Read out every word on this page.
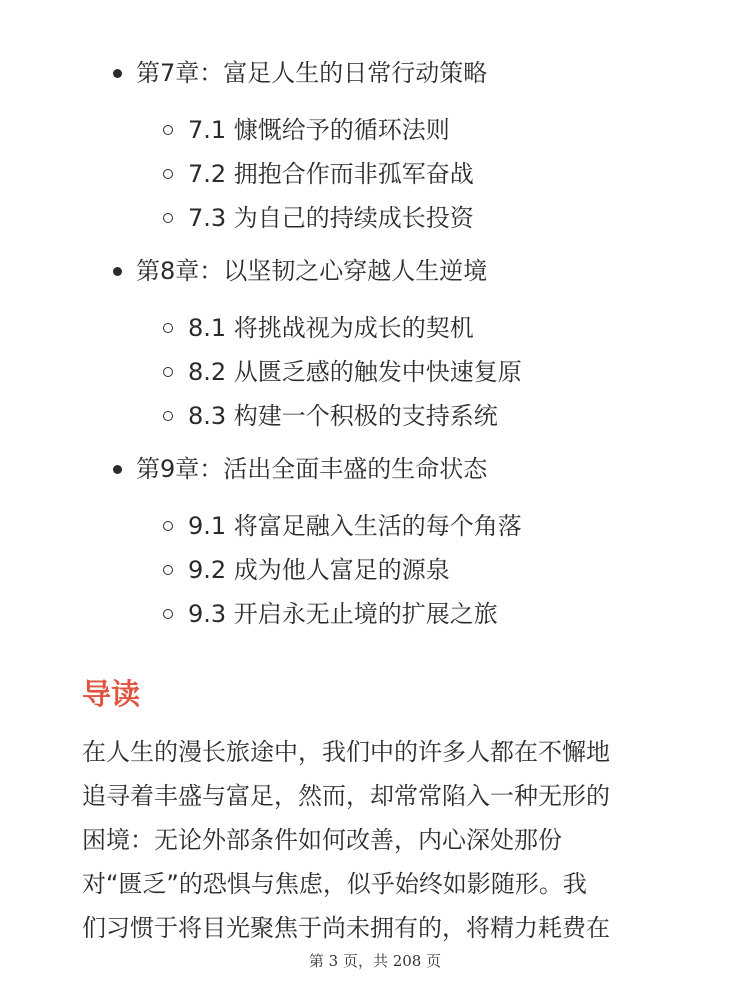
第7章：富足人生的日常行动策略
7.1 慷慨给予的循环法则
7.2 拥抱合作而非孤军奋战
7.3 为自己的持续成长投资
第8章：以坚韧之心穿越人生逆境
8.1 将挑战视为成长的契机
8.2 从匮乏感的触发中快速复原
8.3 构建一个积极的支持系统
第9章：活出全面丰盛的生命状态
9.1 将富足融入生活的每个角落
9.2 成为他人富足的源泉
9.3 开启永无止境的扩展之旅
导读
在人生的漫长旅途中，我们中的许多人都在不懈地
追寻着丰盛与富足，然而，却常常陷入一种无形的
困境：无论外部条件如何改善，内心深处那份
对“匮乏”的恐惧与焦虑，似乎始终如影随形。我
们习惯于将目光聚焦于尚未拥有的，将精力耗费在
第 3 页，共 208 页
